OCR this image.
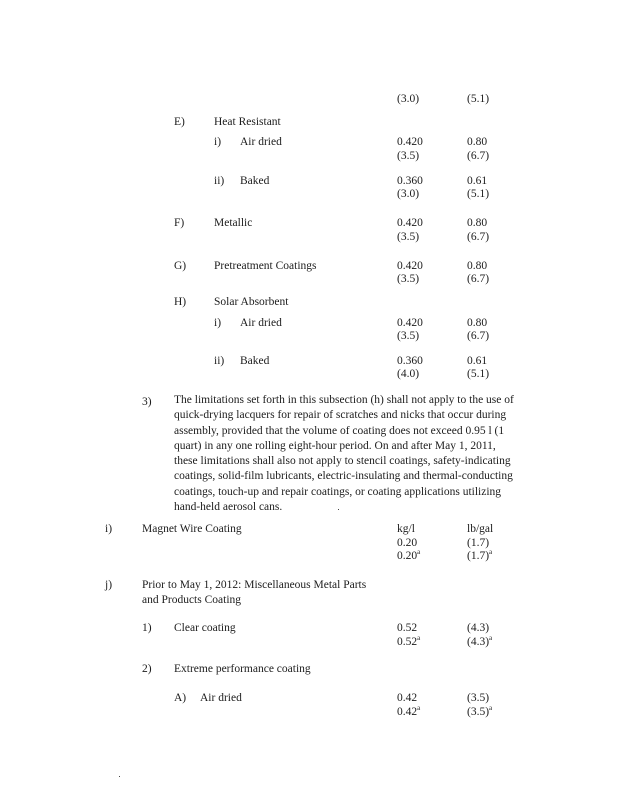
(3.0)	(5.1)
E)	Heat Resistant
i) Air dried	0.420	0.80
(3.5)	(6.7)
ii) Baked	0.360	0.61
(3.0)	(5.1)
F)	Metallic	0.420	0.80
(3.5)	(6.7)
G) Pretreatment Coatings	0.420	0.80
(3.5)	(6.7)
H) Solar Absorbent
i) Air dried	0.420	0.80
(3.5)	(6.7)
ii) Baked	0.360	0.61
(4.0)	(5.1)
3) The limitations set forth in this subsection (h) shall not apply to the use of
quick-drying lacquers for repair of scratches and nicks that occur during
assembly, provided that the volume of coating does not exceed 0.95 l (1
quart) in any one rolling eight-hour period. On and after May 1, 2011,
these limitations shall also not apply to stencil coatings, safety-indicating
coatings, solid-film lubricants, electric-insulating and thermal-conducting
coatings, touch-up and repair coatings, or coating applications utilizing
hand-held aerosol cans.
i)	Magnet Wire Coating	kg/l	lb/gal
0.20	(1.7)
0.20$^a$	$(1.7)^a$
j)	Prior to May 1, 2012: Miscellaneous Metal Parts
and Products Coating
1) Clear coating	0.52	(4.3)
0.52$^a$	$(4.3)^a$
2) Extreme performance coating
A) Air dried	0.42	(3.5)
0.42$^a$	$(3.5)^a$
